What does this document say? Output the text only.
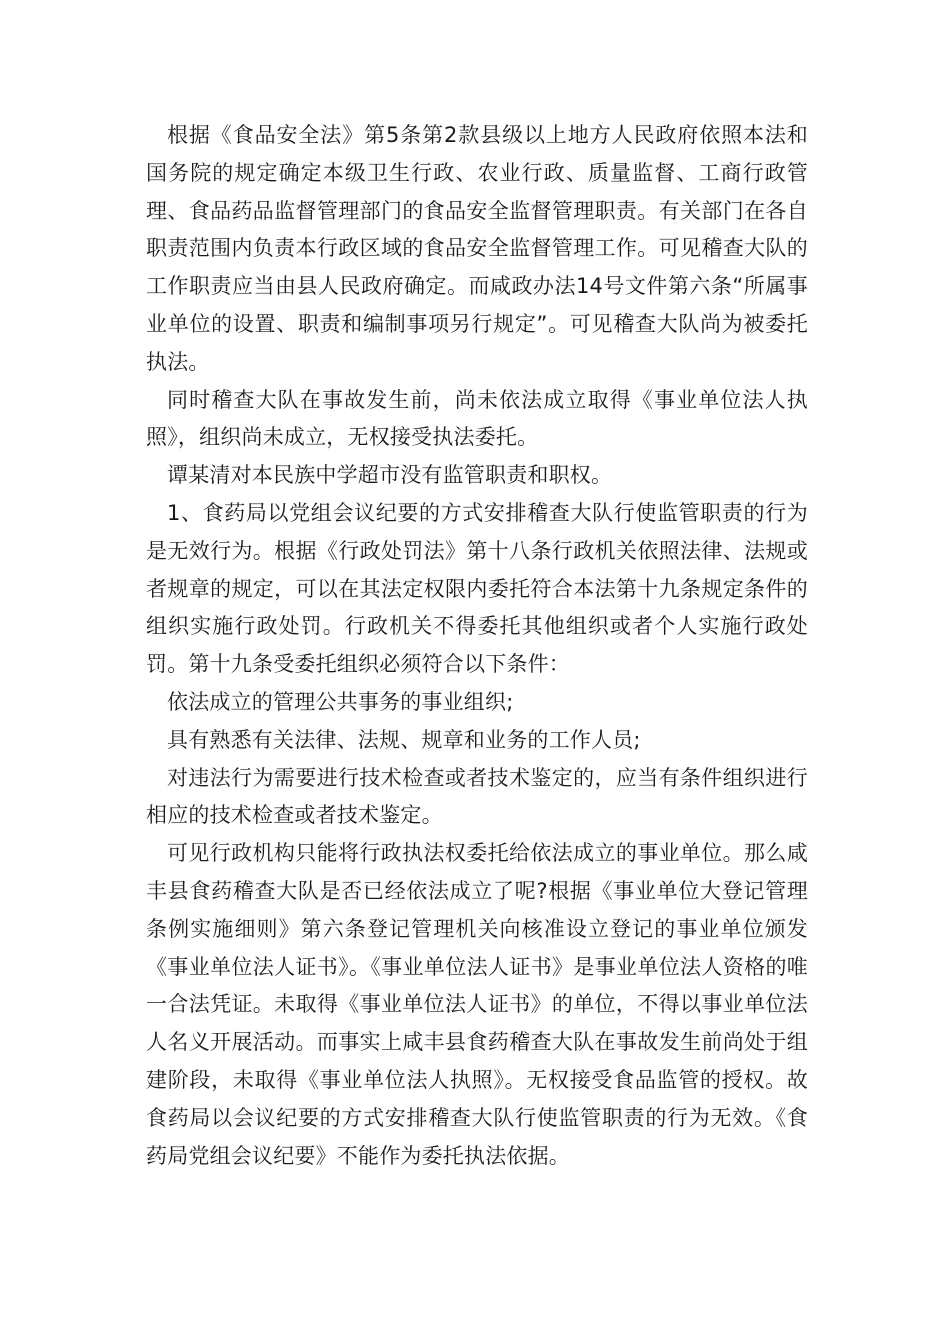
根据《食品安全法》第5条第2款县级以上地方人民政府依照本法和国务院的规定确定本级卫生行政、农业行政、质量监督、工商行政管理、食品药品监督管理部门的食品安全监督管理职责。有关部门在各自职责范围内负责本行政区域的食品安全监督管理工作。可见稽查大队的工作职责应当由县人民政府确定。而咸政办法14号文件第六条“所属事业单位的设置、职责和编制事项另行规定”。可见稽查大队尚为被委托执法。

同时稽查大队在事故发生前，尚未依法成立取得《事业单位法人执照》，组织尚未成立，无权接受执法委托。

谭某清对本民族中学超市没有监管职责和职权。

1、食药局以党组会议纪要的方式安排稽查大队行使监管职责的行为是无效行为。根据《行政处罚法》第十八条行政机关依照法律、法规或者规章的规定，可以在其法定权限内委托符合本法第十九条规定条件的组织实施行政处罚。行政机关不得委托其他组织或者个人实施行政处罚。第十九条受委托组织必须符合以下条件：

依法成立的管理公共事务的事业组织;

具有熟悉有关法律、法规、规章和业务的工作人员;

对违法行为需要进行技术检查或者技术鉴定的，应当有条件组织进行相应的技术检查或者技术鉴定。

可见行政机构只能将行政执法权委托给依法成立的事业单位。那么咸丰县食药稽查大队是否已经依法成立了呢?根据《事业单位大登记管理条例实施细则》第六条登记管理机关向核准设立登记的事业单位颁发《事业单位法人证书》。《事业单位法人证书》是事业单位法人资格的唯一合法凭证。未取得《事业单位法人证书》的单位，不得以事业单位法人名义开展活动。而事实上咸丰县食药稽查大队在事故发生前尚处于组建阶段，未取得《事业单位法人执照》。无权接受食品监管的授权。故食药局以会议纪要的方式安排稽查大队行使监管职责的行为无效。《食药局党组会议纪要》不能作为委托执法依据。
